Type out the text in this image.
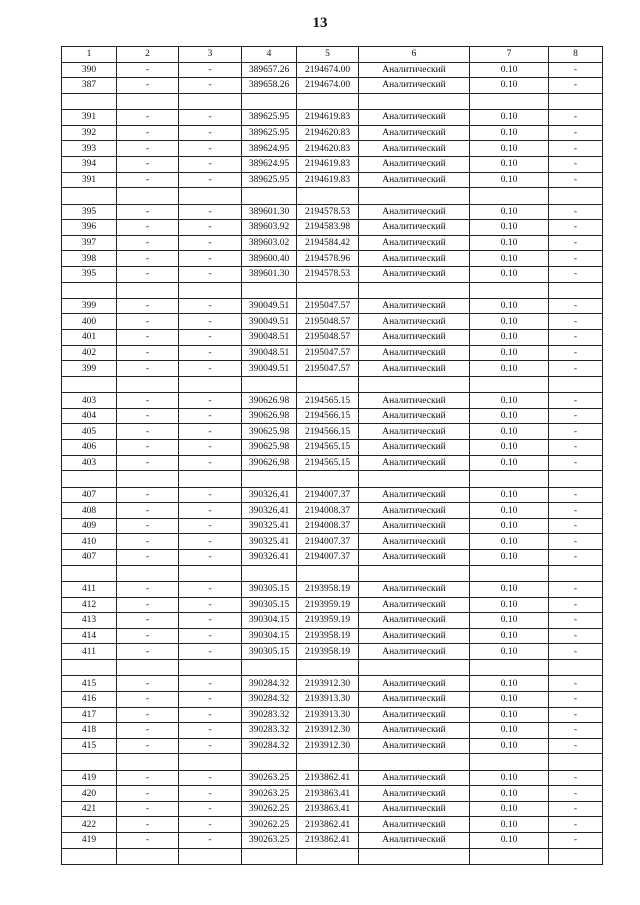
13
1	2	3	4	5	6	7	8
390	-	-	389657.26	2194674.00	Аналитический	0.10	-
387	-	-	389658.26	2194674.00	Аналитический	0.10	-

391	-	-	389625.95	2194619.83	Аналитический	0.10	-
392	-	-	389625.95	2194620.83	Аналитический	0.10	-
393	-	-	389624.95	2194620.83	Аналитический	0.10	-
394	-	-	389624.95	2194619.83	Аналитический	0.10	-
391	-	-	389625.95	2194619.83	Аналитический	0.10	-

395	-	-	389601.30	2194578.53	Аналитический	0.10	-
396	-	-	389603.92	2194583.98	Аналитический	0.10	-
397	-	-	389603.02	2194584.42	Аналитический	0.10	-
398	-	-	389600.40	2194578.96	Аналитический	0.10	-
395	-	-	389601.30	2194578.53	Аналитический	0.10	-

399	-	-	390049.51	2195047.57	Аналитический	0.10	-
400	-	-	390049.51	2195048.57	Аналитический	0.10	-
401	-	-	390048.51	2195048.57	Аналитический	0.10	-
402	-	-	390048.51	2195047.57	Аналитический	0.10	-
399	-	-	390049.51	2195047.57	Аналитический	0.10	-

403	-	-	390626.98	2194565.15	Аналитический	0.10	-
404	-	-	390626.98	2194566.15	Аналитический	0.10	-
405	-	-	390625.98	2194566.15	Аналитический	0.10	-
406	-	-	390625.98	2194565.15	Аналитический	0.10	-
403	-	-	390626.98	2194565.15	Аналитический	0.10	-

407	-	-	390326.41	2194007.37	Аналитический	0.10	-
408	-	-	390326.41	2194008.37	Аналитический	0.10	-
409	-	-	390325.41	2194008.37	Аналитический	0.10	-
410	-	-	390325.41	2194007.37	Аналитический	0.10	-
407	-	-	390326.41	2194007.37	Аналитический	0.10	-

411	-	-	390305.15	2193958.19	Аналитический	0.10	-
412	-	-	390305.15	2193959.19	Аналитический	0.10	-
413	-	-	390304.15	2193959.19	Аналитический	0.10	-
414	-	-	390304.15	2193958.19	Аналитический	0.10	-
411	-	-	390305.15	2193958.19	Аналитический	0.10	-

415	-	-	390284.32	2193912.30	Аналитический	0.10	-
416	-	-	390284.32	2193913.30	Аналитический	0.10	-
417	-	-	390283.32	2193913.30	Аналитический	0.10	-
418	-	-	390283.32	2193912.30	Аналитический	0.10	-
415	-	-	390284.32	2193912.30	Аналитический	0.10	-

419	-	-	390263.25	2193862.41	Аналитический	0.10	-
420	-	-	390263.25	2193863.41	Аналитический	0.10	-
421	-	-	390262.25	2193863.41	Аналитический	0.10	-
422	-	-	390262.25	2193862.41	Аналитический	0.10	-
419	-	-	390263.25	2193862.41	Аналитический	0.10	-
